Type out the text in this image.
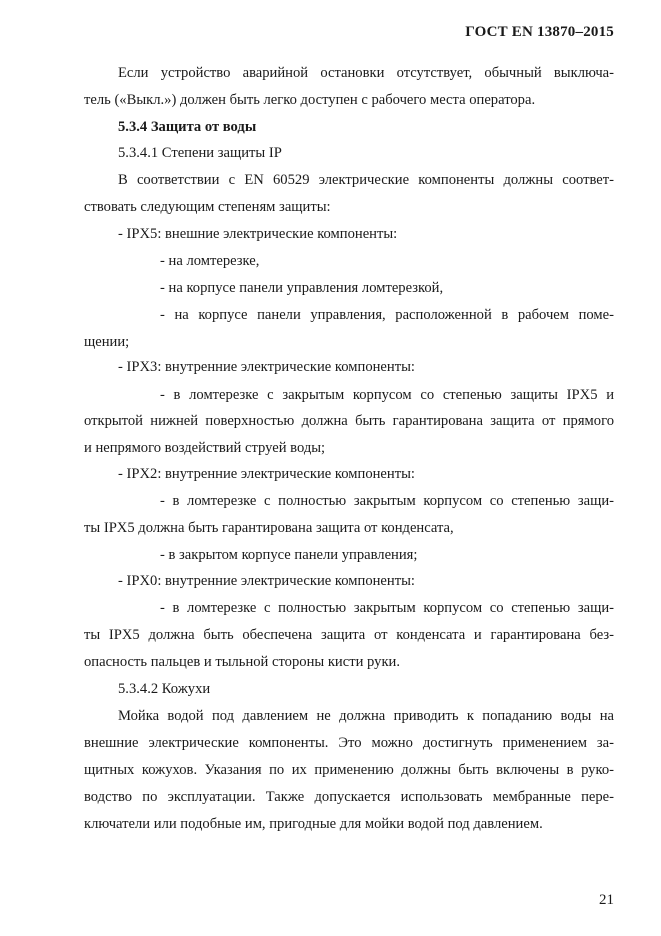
ГОСТ EN 13870–2015
Если устройство аварийной остановки отсутствует, обычный выключа-
тель («Выкл.») должен быть легко доступен с рабочего места оператора.
5.3.4 Защита от воды
5.3.4.1 Степени защиты IP
В соответствии с EN 60529 электрические компоненты должны соответ-
ствовать следующим степеням защиты:
- IPX5: внешние электрические компоненты:
- на ломтерезке,
- на корпусе панели управления ломтерезкой,
- на корпусе панели управления, расположенной в рабочем поме-
щении;
- IPX3: внутренние электрические компоненты:
- в ломтерезке с закрытым корпусом со степенью защиты IPX5 и
открытой нижней поверхностью должна быть гарантирована защита от прямого
и непрямого воздействий струей воды;
- IPX2: внутренние электрические компоненты:
- в ломтерезке с полностью закрытым корпусом со степенью защи-
ты IPX5 должна быть гарантирована защита от конденсата,
- в закрытом корпусе панели управления;
- IPX0: внутренние электрические компоненты:
- в ломтерезке с полностью закрытым корпусом со степенью защи-
ты IPX5 должна быть обеспечена защита от конденсата и гарантирована без-
опасность пальцев и тыльной стороны кисти руки.
5.3.4.2 Кожухи
Мойка водой под давлением не должна приводить к попаданию воды на
внешние электрические компоненты. Это можно достигнуть применением за-
щитных кожухов. Указания по их применению должны быть включены в руко-
водство по эксплуатации. Также допускается использовать мембранные пере-
ключатели или подобные им, пригодные для мойки водой под давлением.
21
